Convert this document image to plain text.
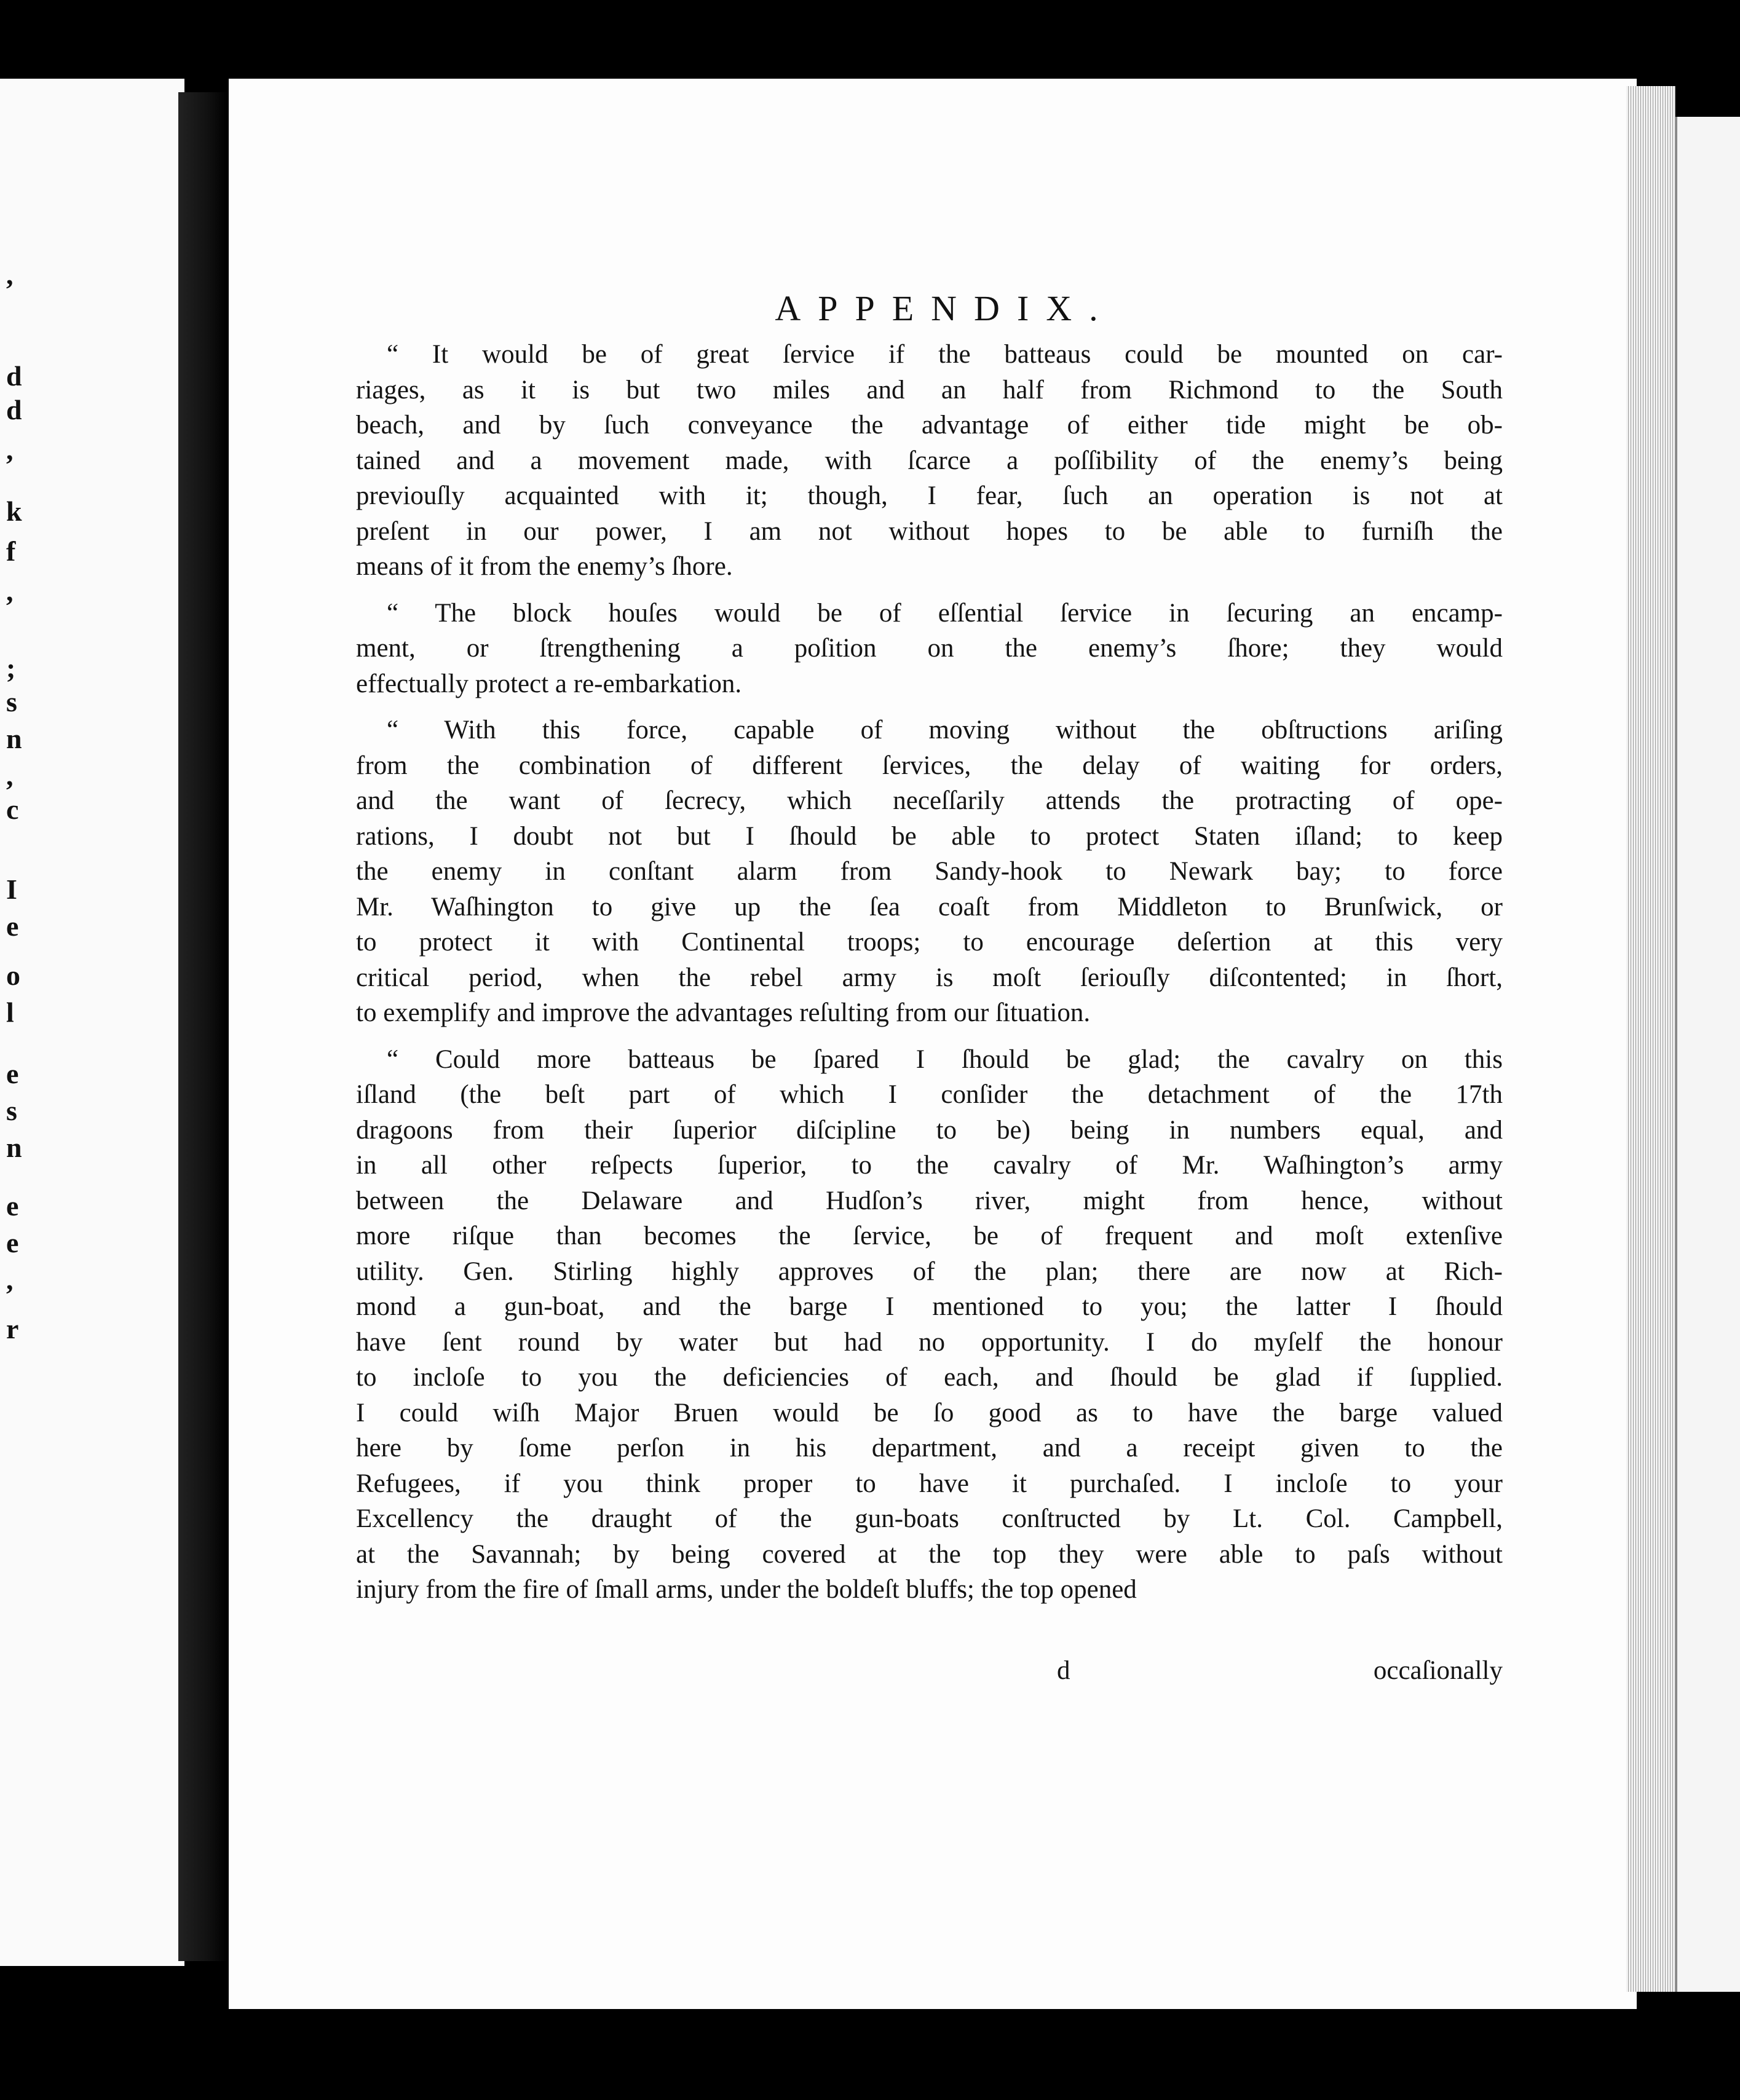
,
d
d
,
k
f
,
;
s
n
,
c
I
e
o
l
e
s
n
e
e
,
r
APPENDIX.
“ It would be of great ſervice if the batteaus could be mounted on car-
riages, as it is but two miles and an half from Richmond to the South
beach, and by ſuch conveyance the advantage of either tide might be ob-
tained and a movement made, with ſcarce a poſſibility of the enemy’s being
previouſly acquainted with it; though, I fear, ſuch an operation is not at
preſent in our power, I am not without hopes to be able to furniſh the
means of it from the enemy’s ſhore.
“ The block houſes would be of eſſential ſervice in ſecuring an encamp-
ment, or ſtrengthening a poſition on the enemy’s ſhore; they would
effectually protect a re-embarkation.
“ With this force, capable of moving without the obſtructions ariſing
from the combination of different ſervices, the delay of waiting for orders,
and the want of ſecrecy, which neceſſarily attends the protracting of ope-
rations, I doubt not but I ſhould be able to protect Staten iſland; to keep
the enemy in conſtant alarm from Sandy-hook to Newark bay; to force
Mr. Waſhington to give up the ſea coaſt from Middleton to Brunſwick, or
to protect it with Continental troops; to encourage deſertion at this very
critical period, when the rebel army is moſt ſeriouſly diſcontented; in ſhort,
to exemplify and improve the advantages reſulting from our ſituation.
“ Could more batteaus be ſpared I ſhould be glad; the cavalry on this
iſland (the beſt part of which I conſider the detachment of the 17th
dragoons from their ſuperior diſcipline to be) being in numbers equal, and
in all other reſpects ſuperior, to the cavalry of Mr. Waſhington’s army
between the Delaware and Hudſon’s river, might from hence, without
more riſque than becomes the ſervice, be of frequent and moſt extenſive
utility. Gen. Stirling highly approves of the plan; there are now at Rich-
mond a gun-boat, and the barge I mentioned to you; the latter I ſhould
have ſent round by water but had no opportunity. I do myſelf the honour
to incloſe to you the deficiencies of each, and ſhould be glad if ſupplied.
I could wiſh Major Bruen would be ſo good as to have the barge valued
here by ſome perſon in his department, and a receipt given to the
Refugees, if you think proper to have it purchaſed. I incloſe to your
Excellency the draught of the gun-boats conſtructed by Lt. Col. Campbell,
at the Savannah; by being covered at the top they were able to paſs without
injury from the fire of ſmall arms, under the boldeſt bluffs; the top opened
d	occaſionally
